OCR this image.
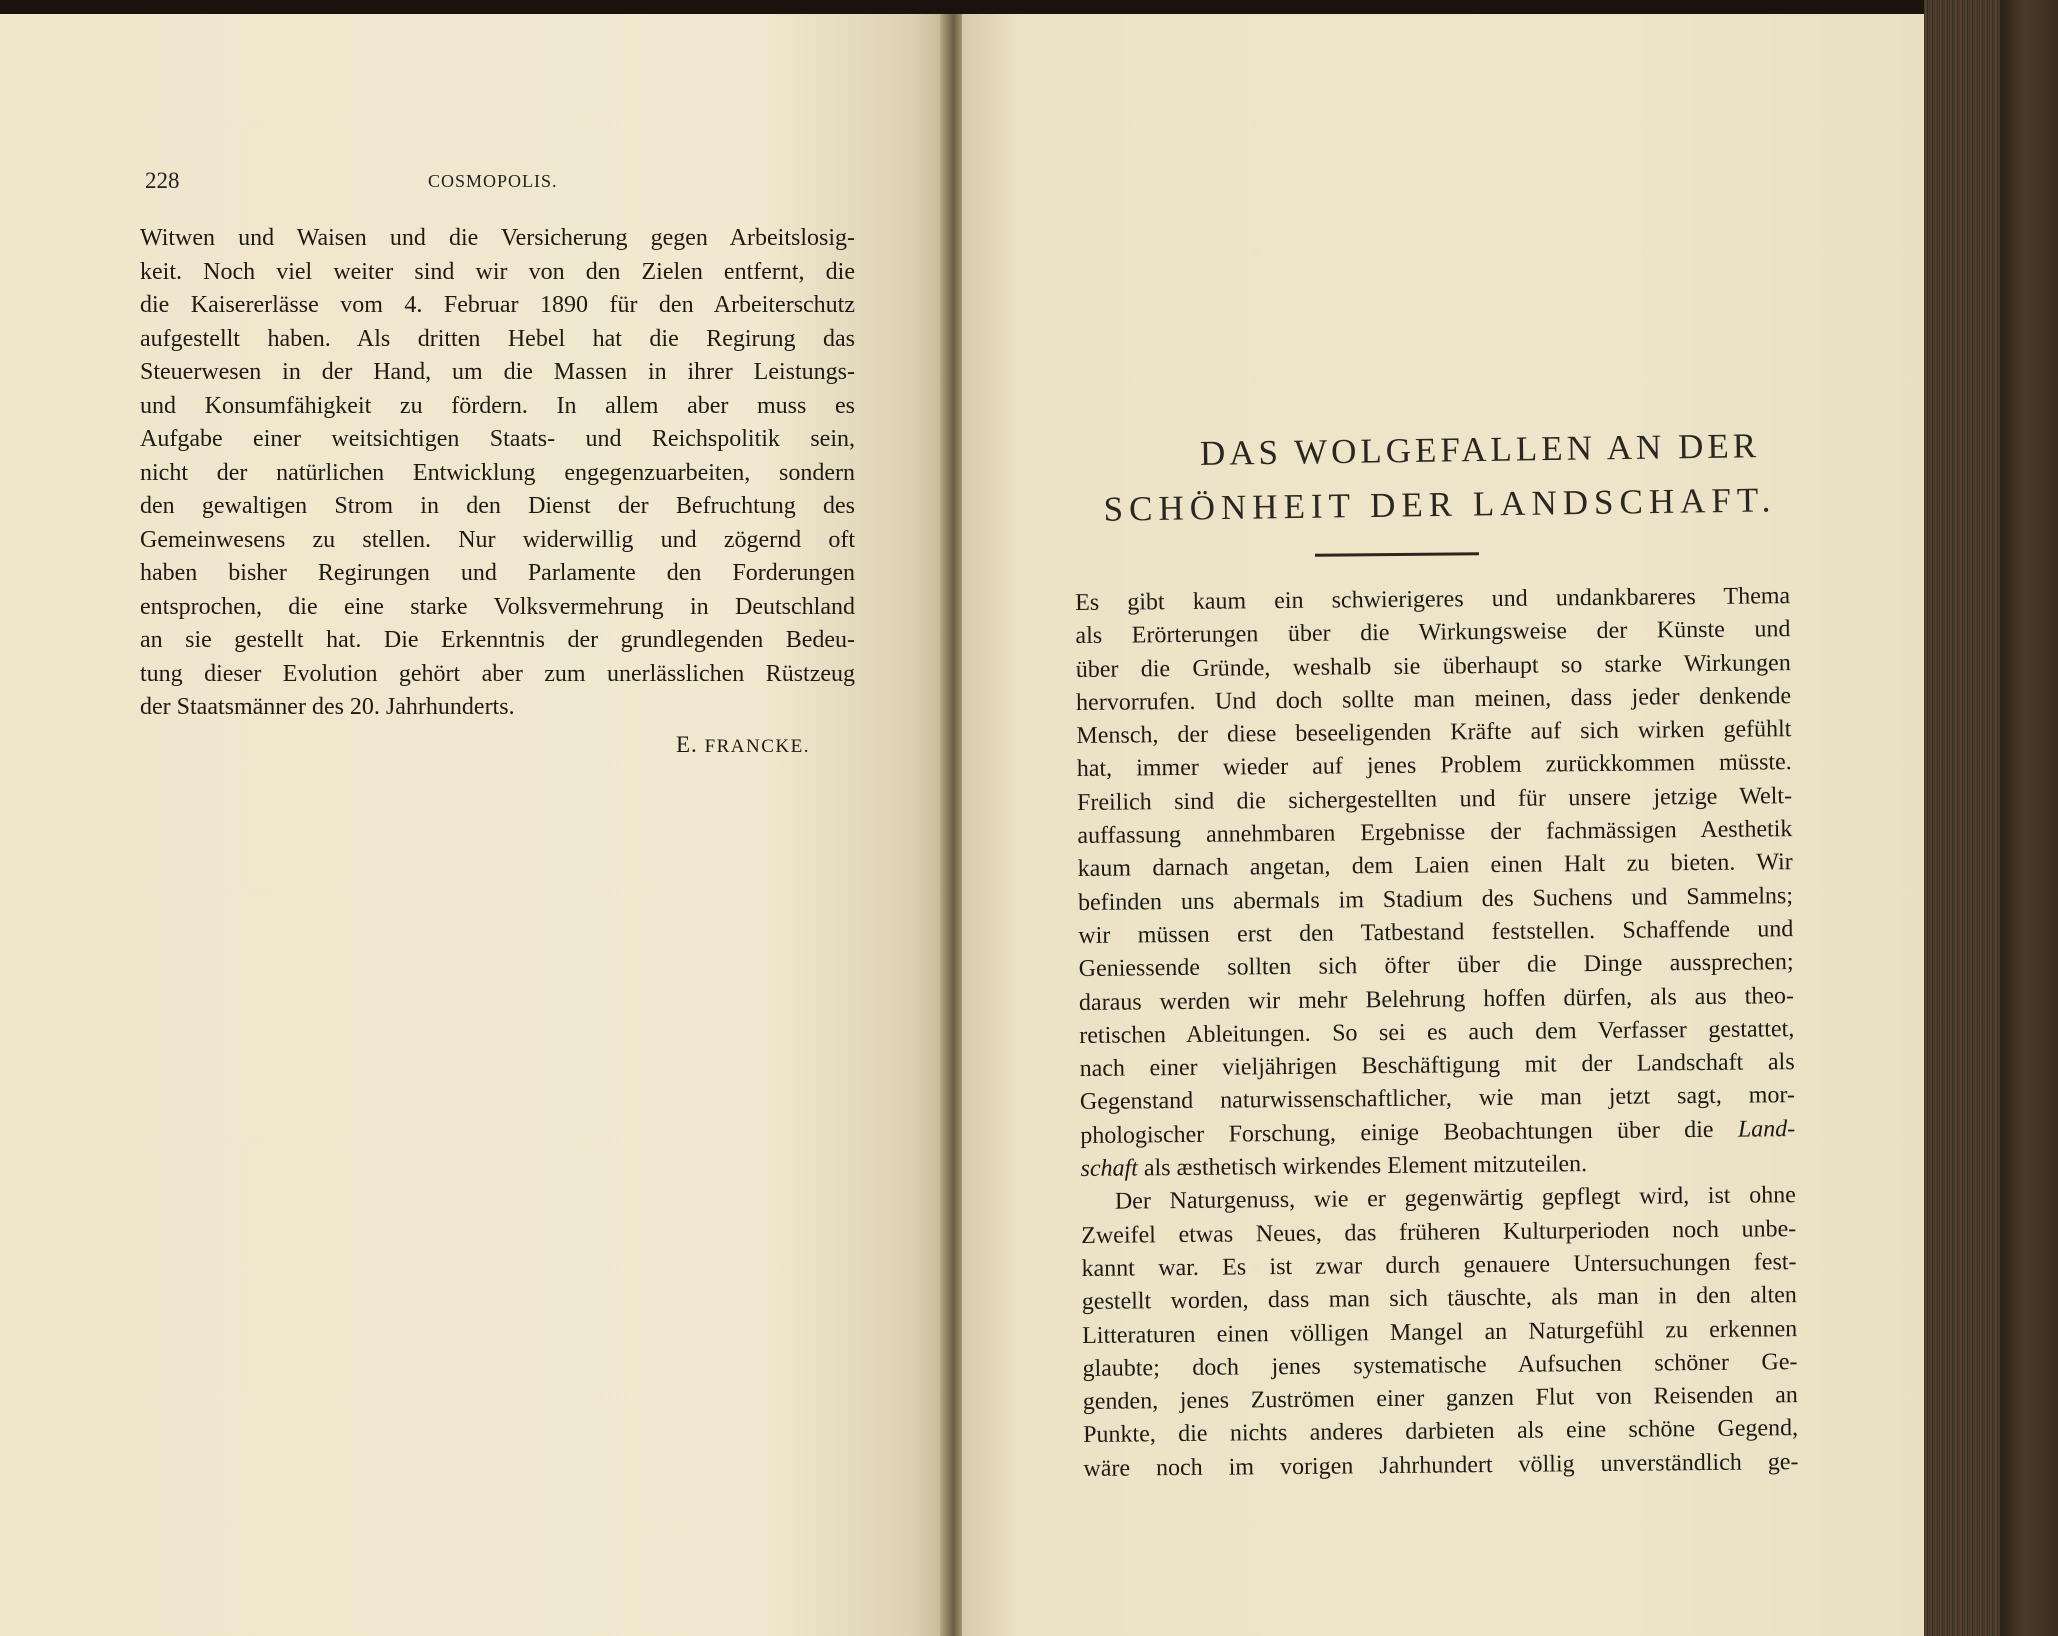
228	COSMOPOLIS.
Witwen und Waisen und die Versicherung gegen Arbeitslosig-
keit. Noch viel weiter sind wir von den Zielen entfernt, die
die Kaisererlässe vom 4. Februar 1890 für den Arbeiterschutz
aufgestellt haben. Als dritten Hebel hat die Regirung das
Steuerwesen in der Hand, um die Massen in ihrer Leistungs-
und Konsumfähigkeit zu fördern. In allem aber muss es
Aufgabe einer weitsichtigen Staats- und Reichspolitik sein,
nicht der natürlichen Entwicklung engegenzuarbeiten, sondern
den gewaltigen Strom in den Dienst der Befruchtung des
Gemeinwesens zu stellen. Nur widerwillig und zögernd oft
haben bisher Regirungen und Parlamente den Forderungen
entsprochen, die eine starke Volksvermehrung in Deutschland
an sie gestellt hat. Die Erkenntnis der grundlegenden Bedeu-
tung dieser Evolution gehört aber zum unerlässlichen Rüstzeug
der Staatsmänner des 20. Jahrhunderts.
E. FRANCKE.
DAS WOLGEFALLEN AN DER
SCHÖNHEIT DER LANDSCHAFT.
Es gibt kaum ein schwierigeres und undankbareres Thema
als Erörterungen über die Wirkungsweise der Künste und
über die Gründe, weshalb sie überhaupt so starke Wirkungen
hervorrufen. Und doch sollte man meinen, dass jeder denkende
Mensch, der diese beseeligenden Kräfte auf sich wirken gefühlt
hat, immer wieder auf jenes Problem zurückkommen müsste.
Freilich sind die sichergestellten und für unsere jetzige Welt-
auffassung annehmbaren Ergebnisse der fachmässigen Aesthetik
kaum darnach angetan, dem Laien einen Halt zu bieten. Wir
befinden uns abermals im Stadium des Suchens und Sammelns;
wir müssen erst den Tatbestand feststellen. Schaffende und
Geniessende sollten sich öfter über die Dinge aussprechen;
daraus werden wir mehr Belehrung hoffen dürfen, als aus theo-
retischen Ableitungen. So sei es auch dem Verfasser gestattet,
nach einer vieljährigen Beschäftigung mit der Landschaft als
Gegenstand naturwissenschaftlicher, wie man jetzt sagt, mor-
phologischer Forschung, einige Beobachtungen über die Land-
schaft als æsthetisch wirkendes Element mitzuteilen.
Der Naturgenuss, wie er gegenwärtig gepflegt wird, ist ohne
Zweifel etwas Neues, das früheren Kulturperioden noch unbe-
kannt war. Es ist zwar durch genauere Untersuchungen fest-
gestellt worden, dass man sich täuschte, als man in den alten
Litteraturen einen völligen Mangel an Naturgefühl zu erkennen
glaubte; doch jenes systematische Aufsuchen schöner Ge-
genden, jenes Zuströmen einer ganzen Flut von Reisenden an
Punkte, die nichts anderes darbieten als eine schöne Gegend,
wäre noch im vorigen Jahrhundert völlig unverständlich ge-
